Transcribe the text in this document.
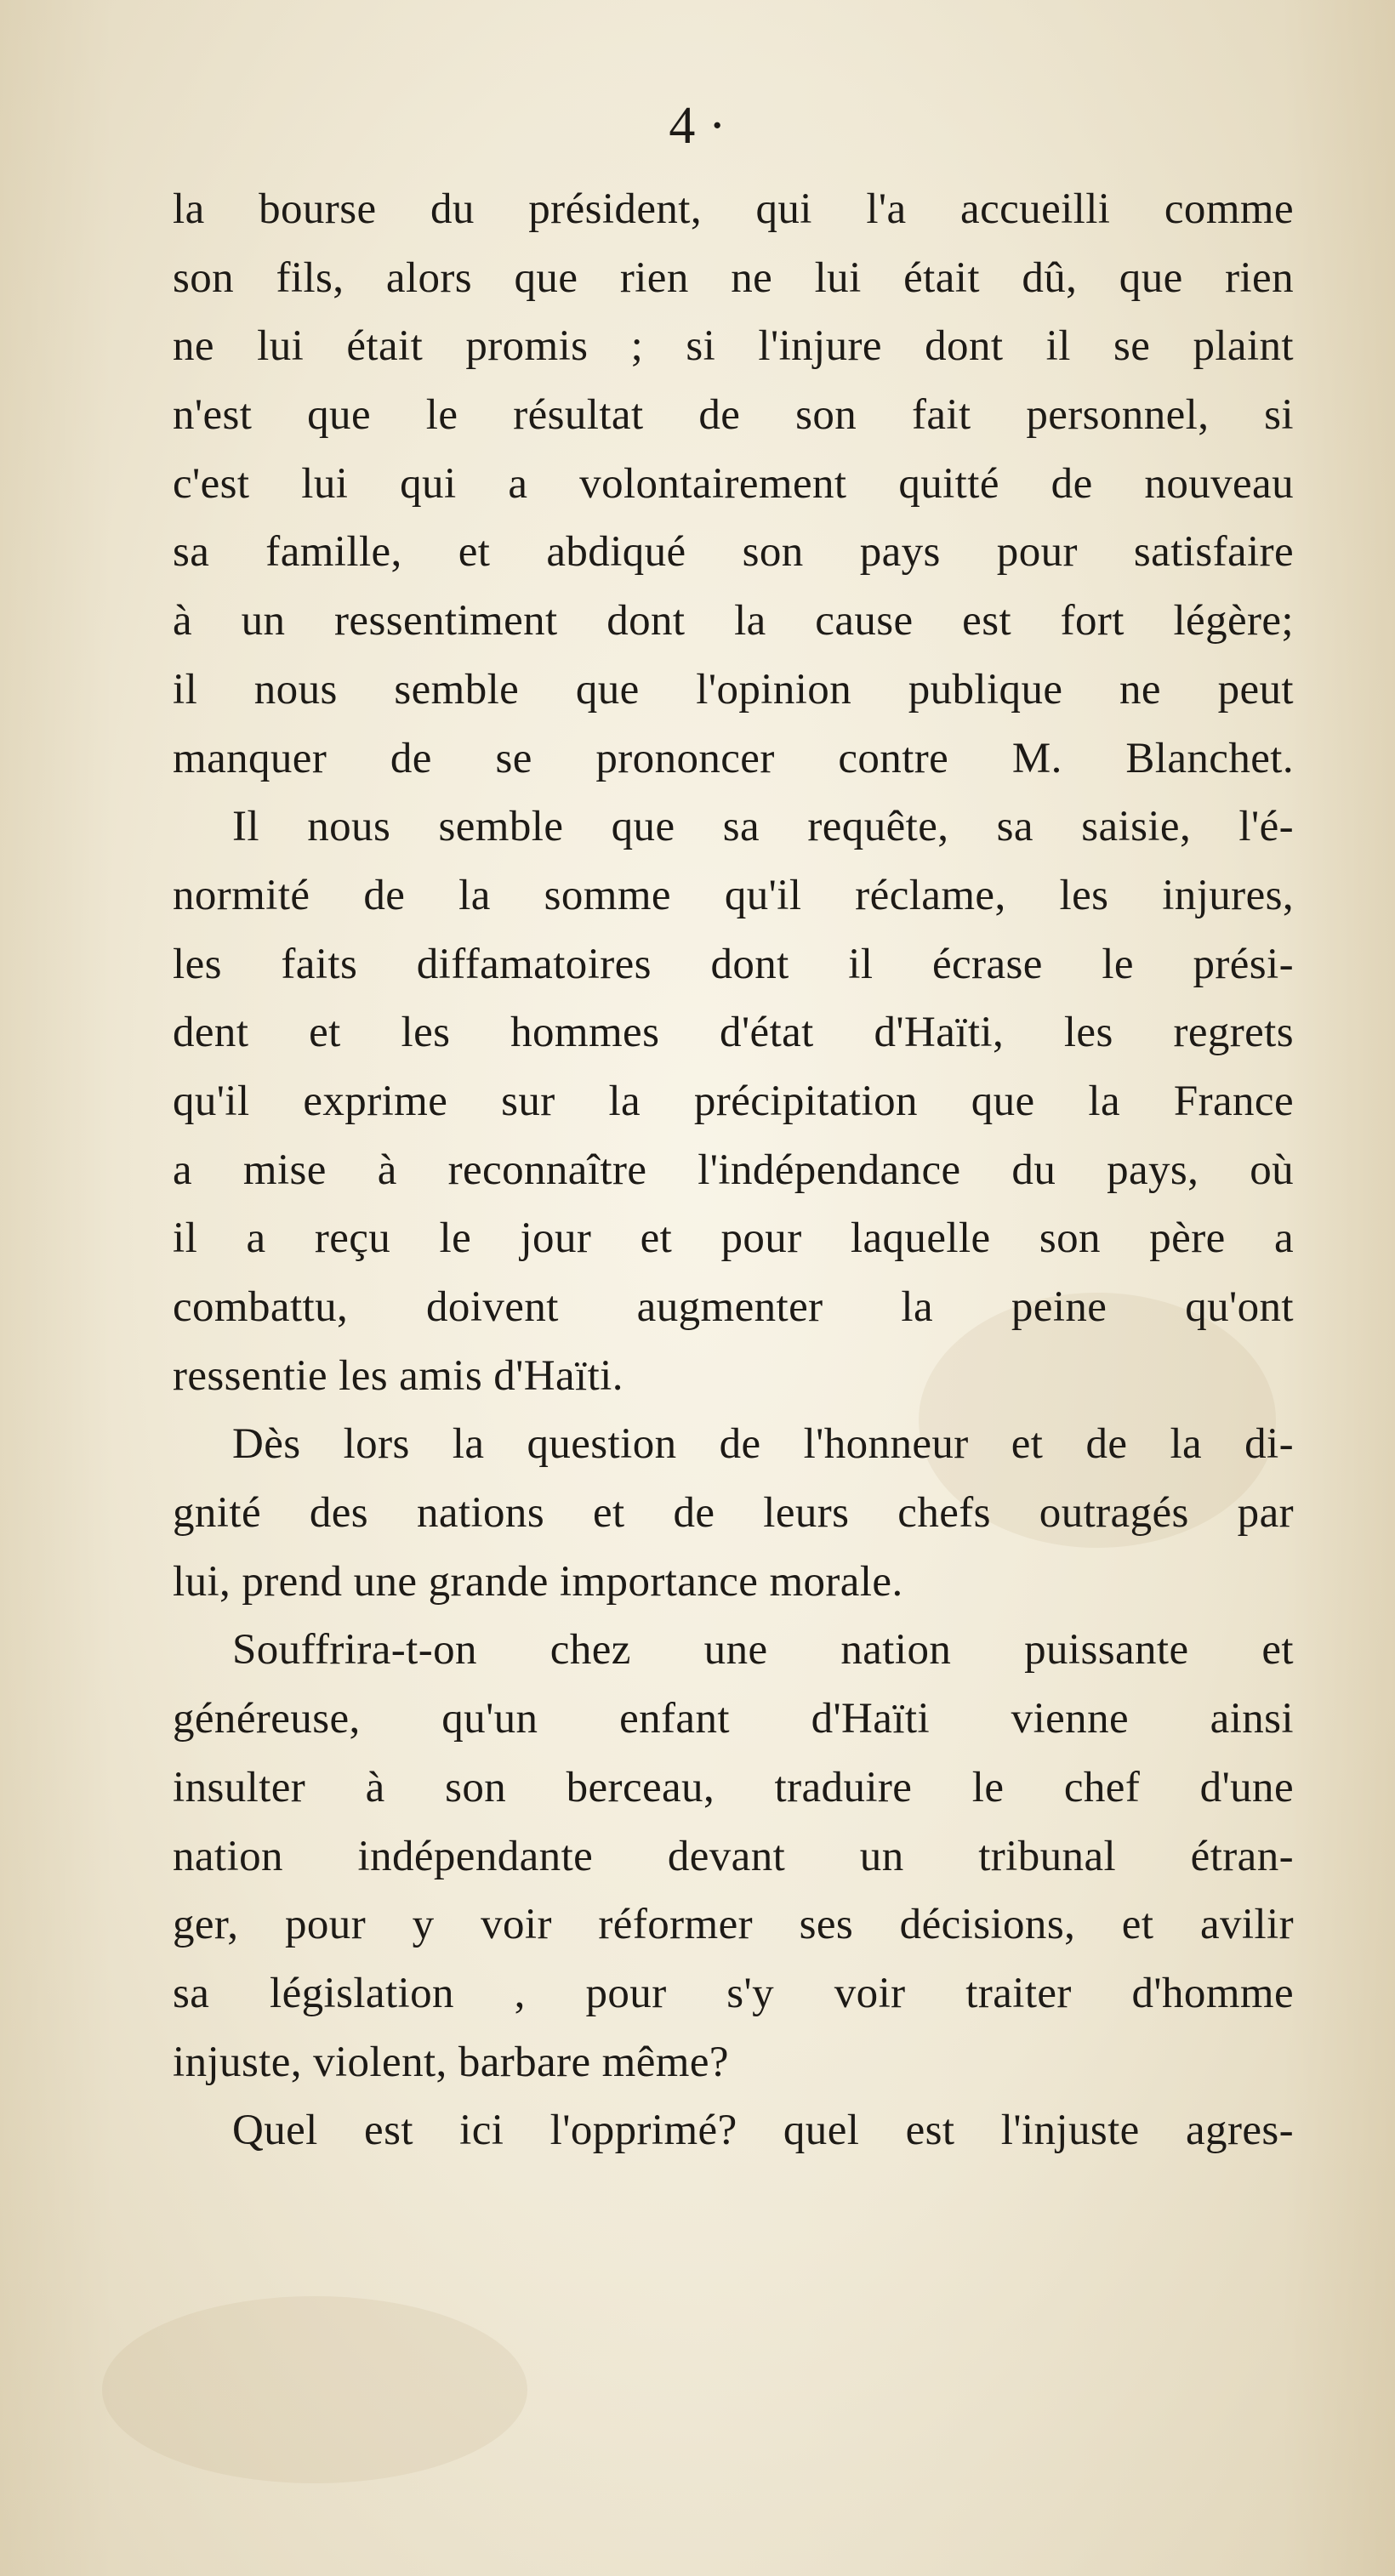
4 ·
la bourse du président, qui l'a accueilli comme
son fils, alors que rien ne lui était dû, que rien
ne lui était promis ; si l'injure dont il se plaint
n'est que le résultat de son fait personnel, si
c'est lui qui a volontairement quitté de nouveau
sa famille, et abdiqué son pays pour satisfaire
à un ressentiment dont la cause est fort légère;
il nous semble que l'opinion publique ne peut
manquer de se prononcer contre M. Blanchet.
Il nous semble que sa requête, sa saisie, l'é-
normité de la somme qu'il réclame, les injures,
les faits diffamatoires dont il écrase le prési-
dent et les hommes d'état d'Haïti, les regrets
qu'il exprime sur la précipitation que la France
a mise à reconnaître l'indépendance du pays, où
il a reçu le jour et pour laquelle son père a
combattu, doivent augmenter la peine qu'ont
ressentie les amis d'Haïti.
Dès lors la question de l'honneur et de la di-
gnité des nations et de leurs chefs outragés par
lui, prend une grande importance morale.
Souffrira-t-on chez une nation puissante et
généreuse, qu'un enfant d'Haïti vienne ainsi
insulter à son berceau, traduire le chef d'une
nation indépendante devant un tribunal étran-
ger, pour y voir réformer ses décisions, et avilir
sa législation , pour s'y voir traiter d'homme
injuste, violent, barbare même?
Quel est ici l'opprimé? quel est l'injuste agres-
